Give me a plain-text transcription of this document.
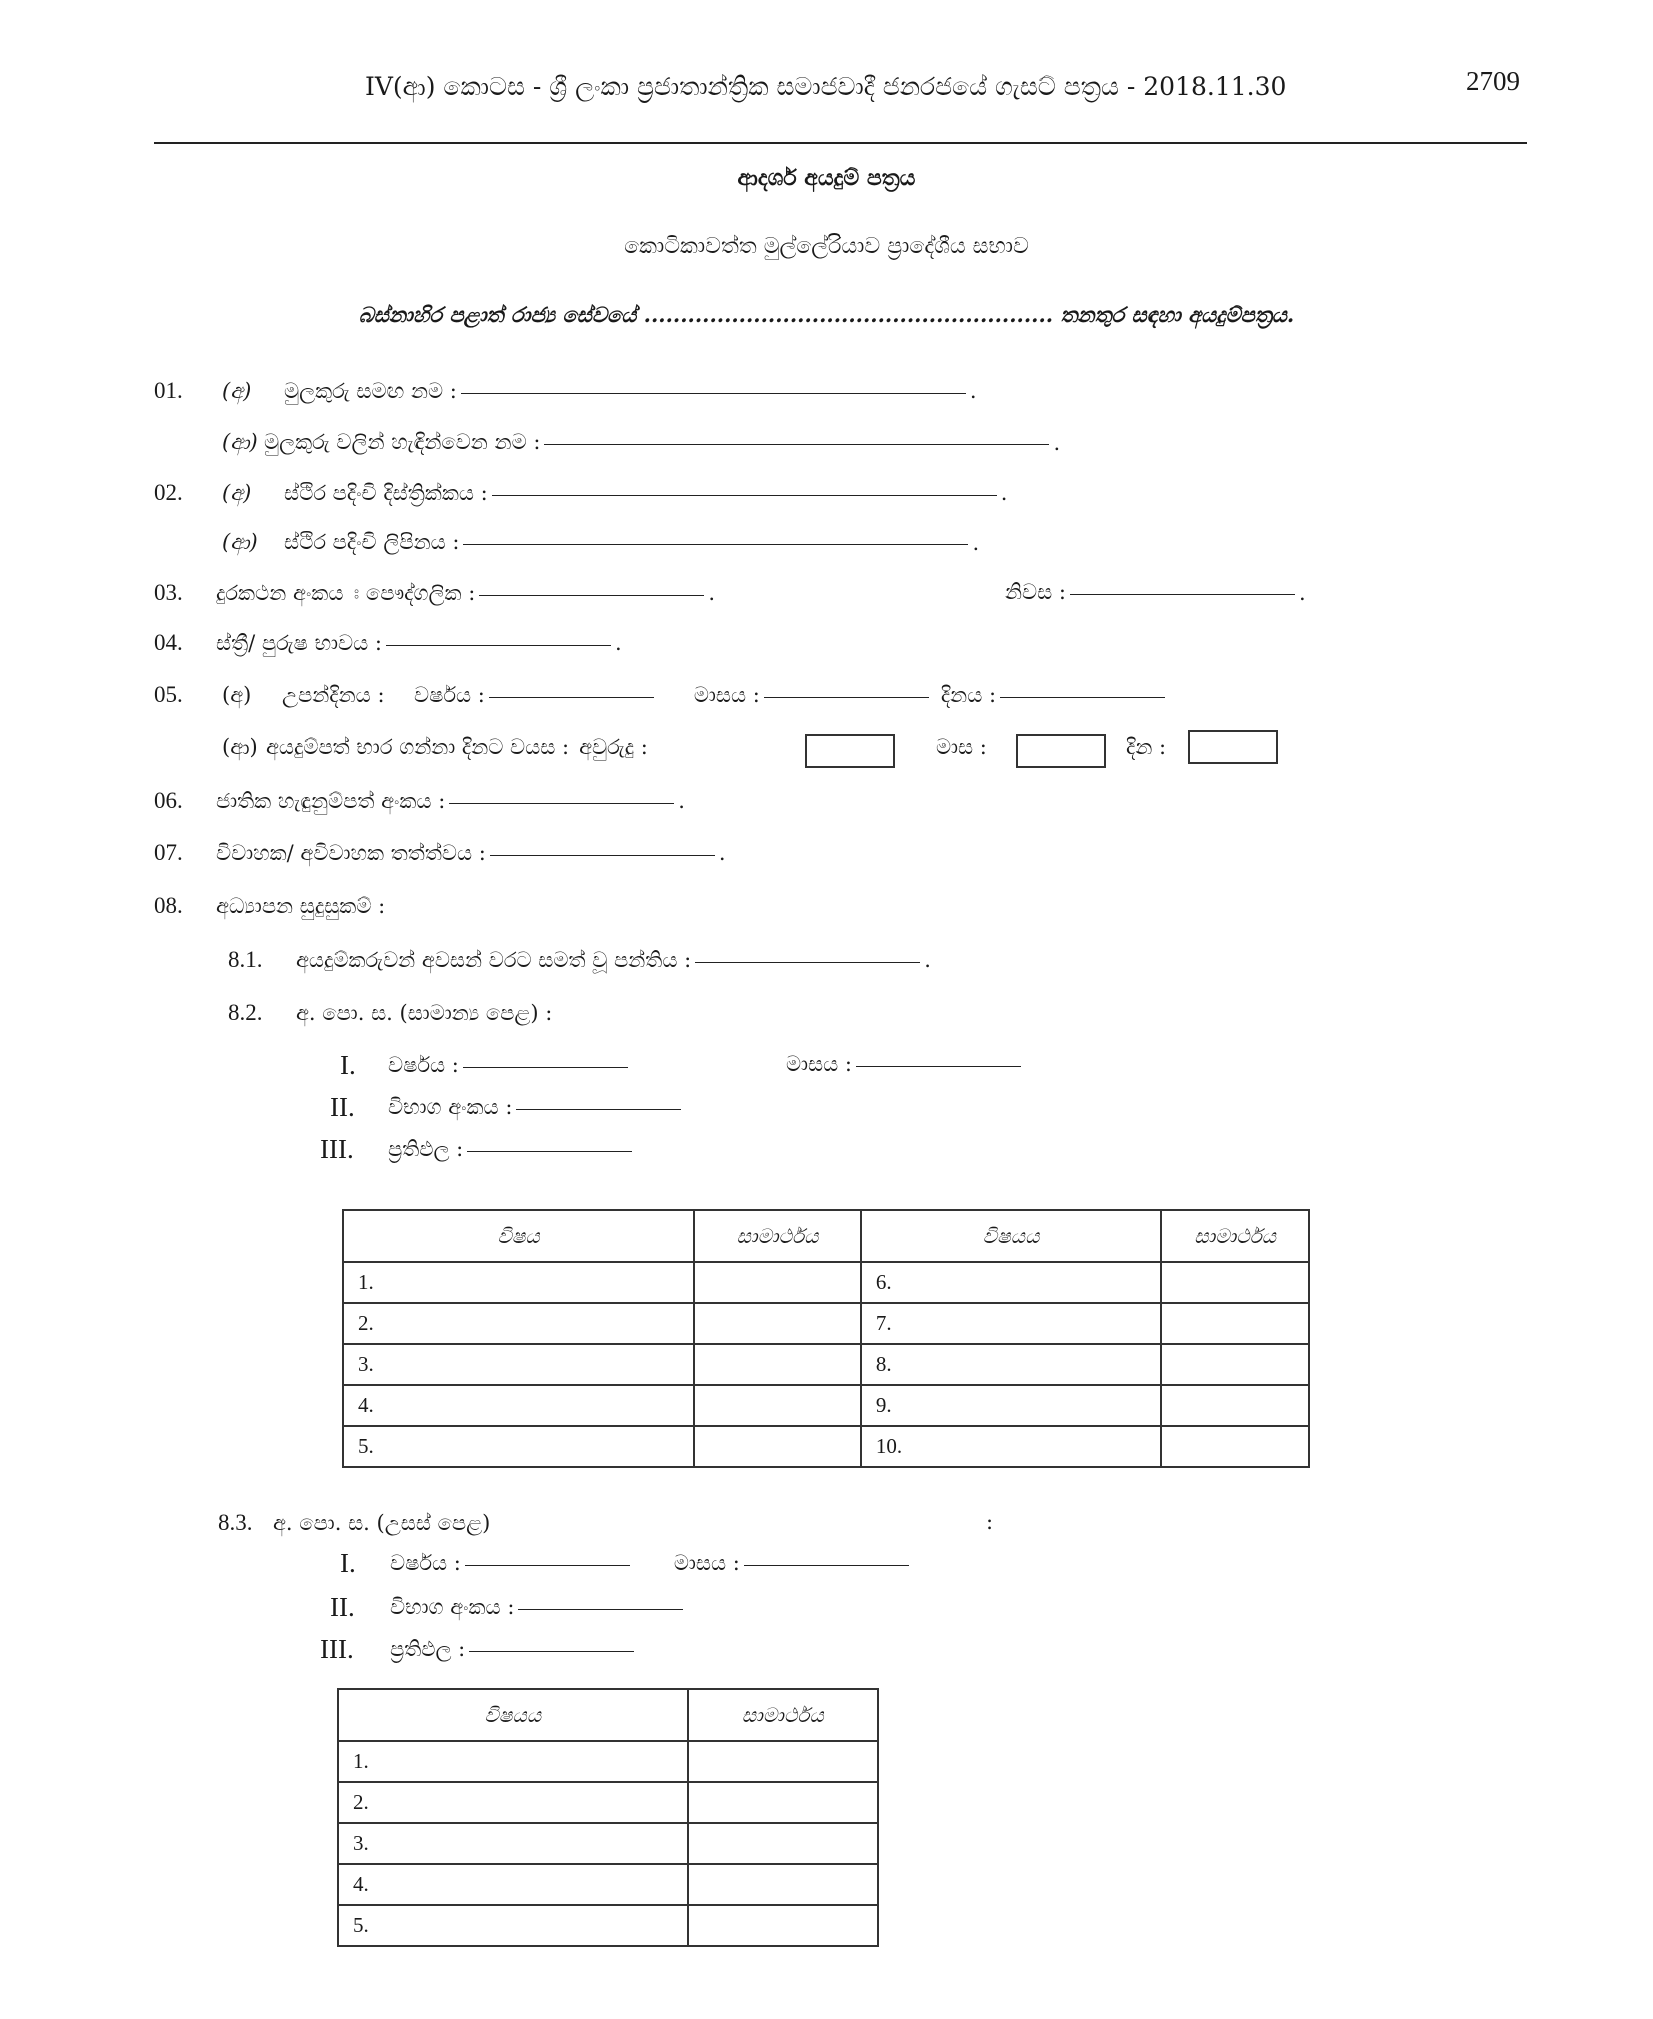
IV(ආ) කොටස - ශ්‍රී ලංකා ප්‍රජාතාන්ත්‍රික සමාජවාදී ජනරජයේ ගැසට් පත්‍රය - 2018.11.30	2709
ආදර්ශ අයදුම් පත්‍රය
කොටිකාවත්ත මුල්ලේරියාව ප්‍රාදේශීය සභාව
බස්නාහිර පළාත් රාජ්‍ය සේවයේ ........................................................ තනතුර සඳහා අයදුම්පත්‍රය.
01.	(අ)	මුලකුරු සමඟ නම :	.
(ආ) මුලකුරු වලින් හැඳින්වෙන නම :	.
02.	(අ)	ස්ථිර පදිංචි දිස්ත්‍රික්කය :	.
(ආ)	ස්ථිර පදිංචි ලිපිනය :	.
03.	දුරකථන අංකය ඃ පෞද්ගලික :	.	නිවස :	.
04.	ස්ත්‍රී/ පුරුෂ භාවය :	.
05.	(අ)	උපන්දිනය :	වර්ෂය :	මාසය :	දිනය :
(ආ) අයදුම්පත් භාර ගන්නා දිනට වයස : අවුරුදු :	මාස :	දින :
06.	ජාතික හැඳුනුම්පත් අංකය :	.
07.	විවාහක/ අවිවාහක තත්ත්වය :	.
08.	අධ්‍යාපන සුදුසුකම් :
8.1.	අයදුම්කරුවන් අවසන් වරට සමත් වූ පන්තිය :	.
8.2.	අ. පො. ස. (සාමාන්‍ය පෙළ) :
I.	වර්ෂය :	මාසය :
II.	විභාග අංකය :
III.	ප්‍රතිඵල :
විෂය	සාමාර්ථය	විෂයය	සාමාර්ථය
1.		6.	
2.		7.	
3.		8.	
4.		9.	
5.		10.	
8.3. අ. පො. ස. (උසස් පෙළ)	:
I.	වර්ෂය :	මාසය :
II.	විභාග අංකය :
III.	ප්‍රතිඵල :
විෂයය	සාමාර්ථය
1.	
2.	
3.	
4.	
5.	
